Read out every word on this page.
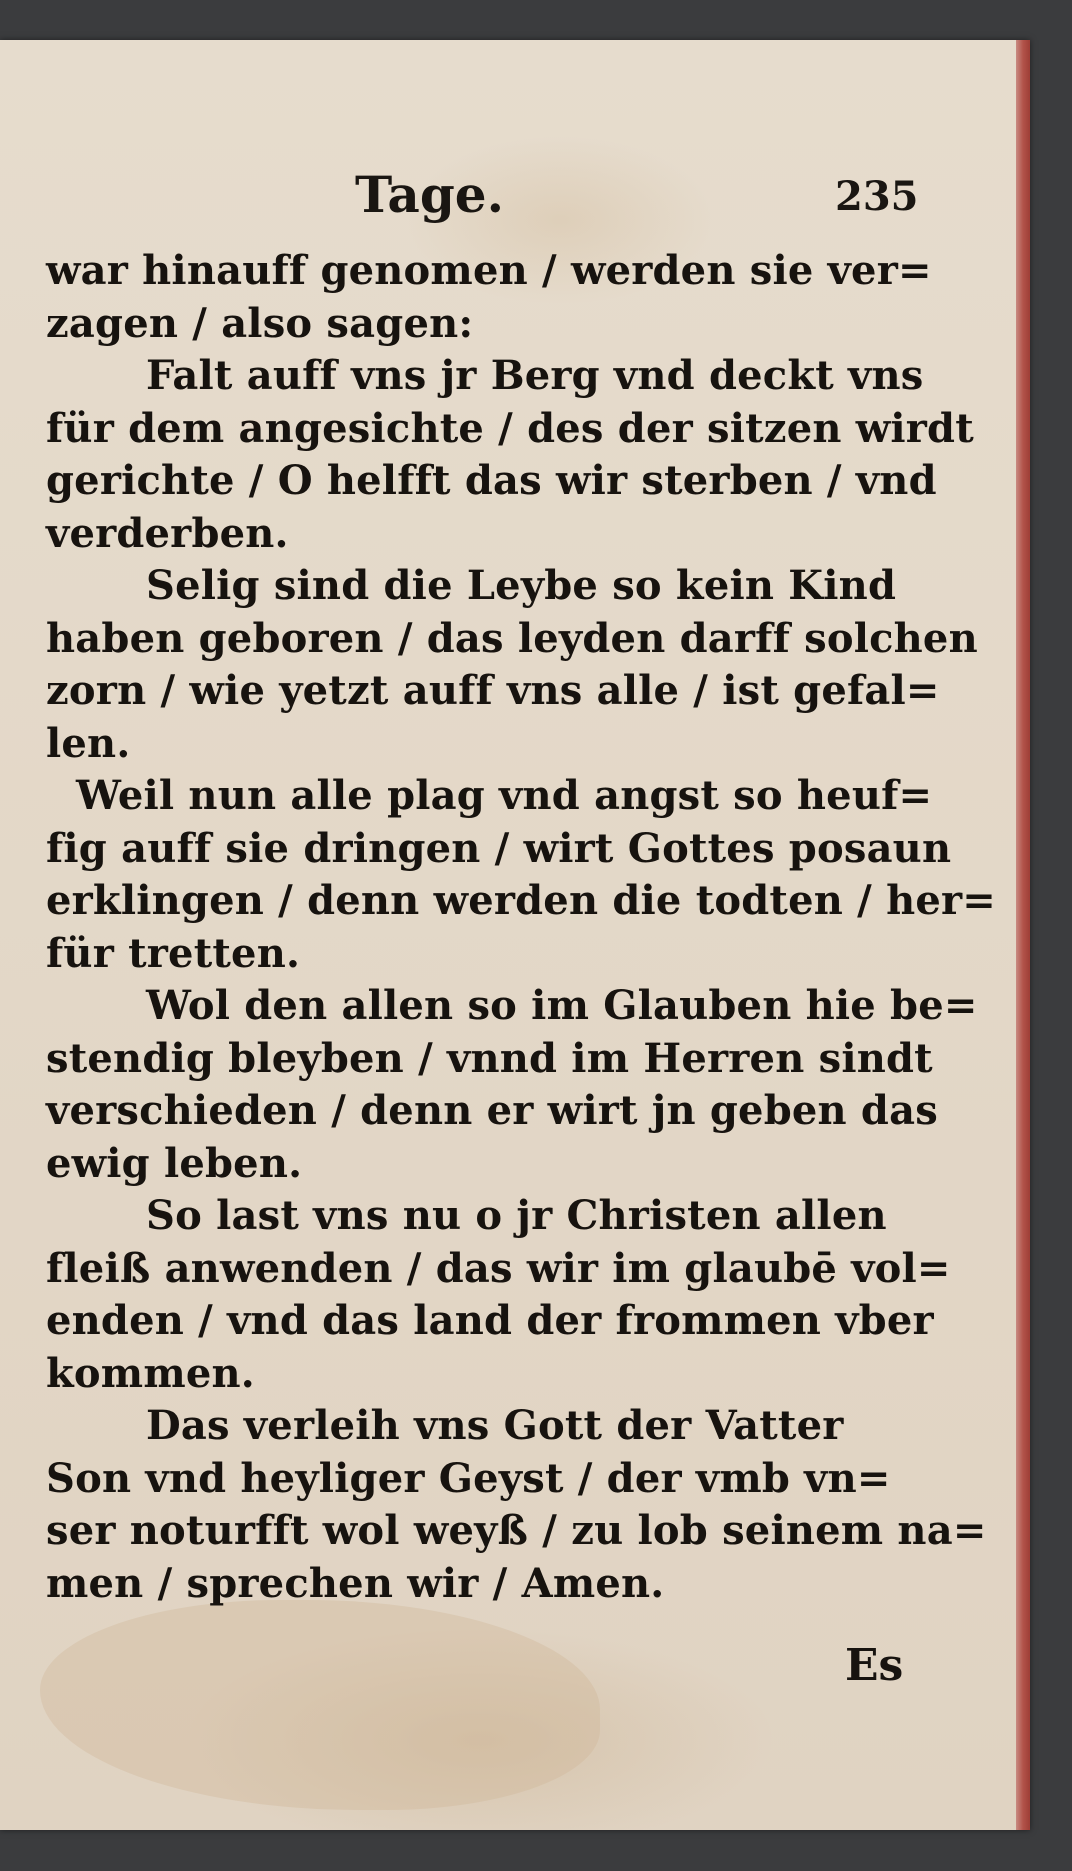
Tage.	235
war hinauff genomen / werden sie ver=
zagen / also sagen:
Falt auff vns jr Berg vnd deckt vns
für dem angesichte / des der sitzen wirdt
gerichte / O helfft das wir sterben / vnd
verderben.
Selig sind die Leybe so kein Kind
haben geboren / das leyden darff solchen
zorn / wie yetzt auff vns alle / ist gefal=
len.
Weil nun alle plag vnd angst so heuf=
fig auff sie dringen / wirt Gottes posaun
erklingen / denn werden die todten / her=
für tretten.
Wol den allen so im Glauben hie be=
stendig bleyben / vnnd im Herren sindt
verschieden / denn er wirt jn geben das
ewig leben.
So last vns nu o jr Christen allen
fleiß anwenden / das wir im glaubē vol=
enden / vnd das land der frommen vber
kommen.
Das verleih vns Gott der Vatter
Son vnd heyliger Geyst / der vmb vn=
ser noturfft wol weyß / zu lob seinem na=
men / sprechen wir / Amen.
Es
